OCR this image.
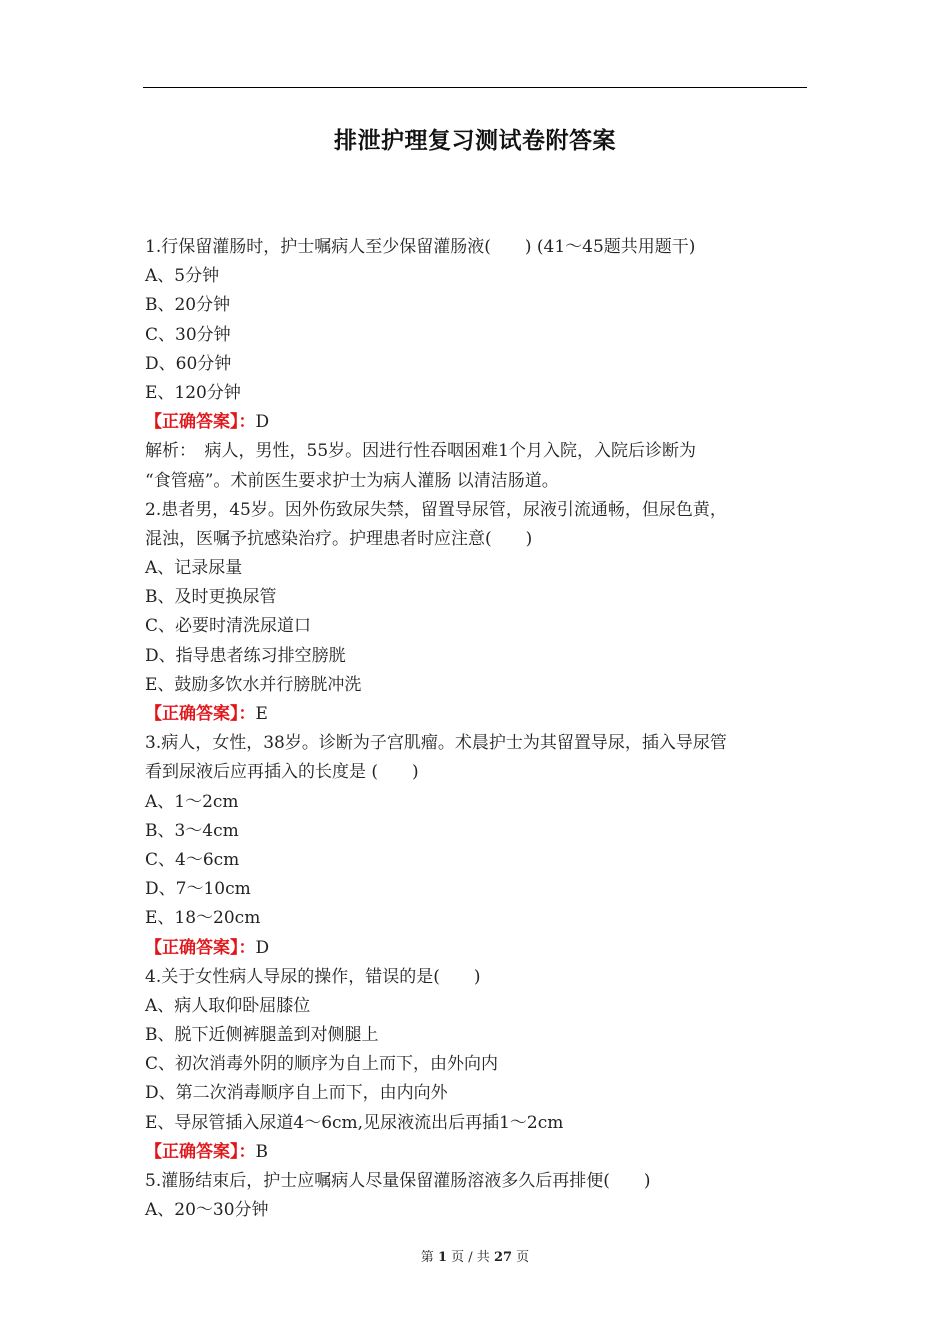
排泄护理复习测试卷附答案
1.行保留灌肠时，护士嘱病人至少保留灌肠液(　　) (41～45题共用题干)
A、5分钟
B、20分钟
C、30分钟
D、60分钟
E、120分钟
【正确答案】：D
解析：　病人，男性，55岁。因进行性吞咽困难1个月入院，入院后诊断为
“食管癌”。术前医生要求护士为病人灌肠 以清洁肠道。
2.患者男，45岁。因外伤致尿失禁，留置导尿管，尿液引流通畅，但尿色黄，
混浊，医嘱予抗感染治疗。护理患者时应注意(　　)
A、记录尿量
B、及时更换尿管
C、必要时清洗尿道口
D、指导患者练习排空膀胱
E、鼓励多饮水并行膀胱冲洗
【正确答案】：E
3.病人，女性，38岁。诊断为子宫肌瘤。术晨护士为其留置导尿，插入导尿管
看到尿液后应再插入的长度是 (　　)
A、1～2cm
B、3～4cm
C、4～6cm
D、7～10cm
E、18～20cm
【正确答案】：D
4.关于女性病人导尿的操作，错误的是(　　)
A、病人取仰卧屈膝位
B、脱下近侧裤腿盖到对侧腿上
C、初次消毒外阴的顺序为自上而下，由外向内
D、第二次消毒顺序自上而下，由内向外
E、导尿管插入尿道4～6cm,见尿液流出后再插1～2cm
【正确答案】：B
5.灌肠结束后，护士应嘱病人尽量保留灌肠溶液多久后再排便(　　)
A、20～30分钟
第 1 页 / 共 27 页
